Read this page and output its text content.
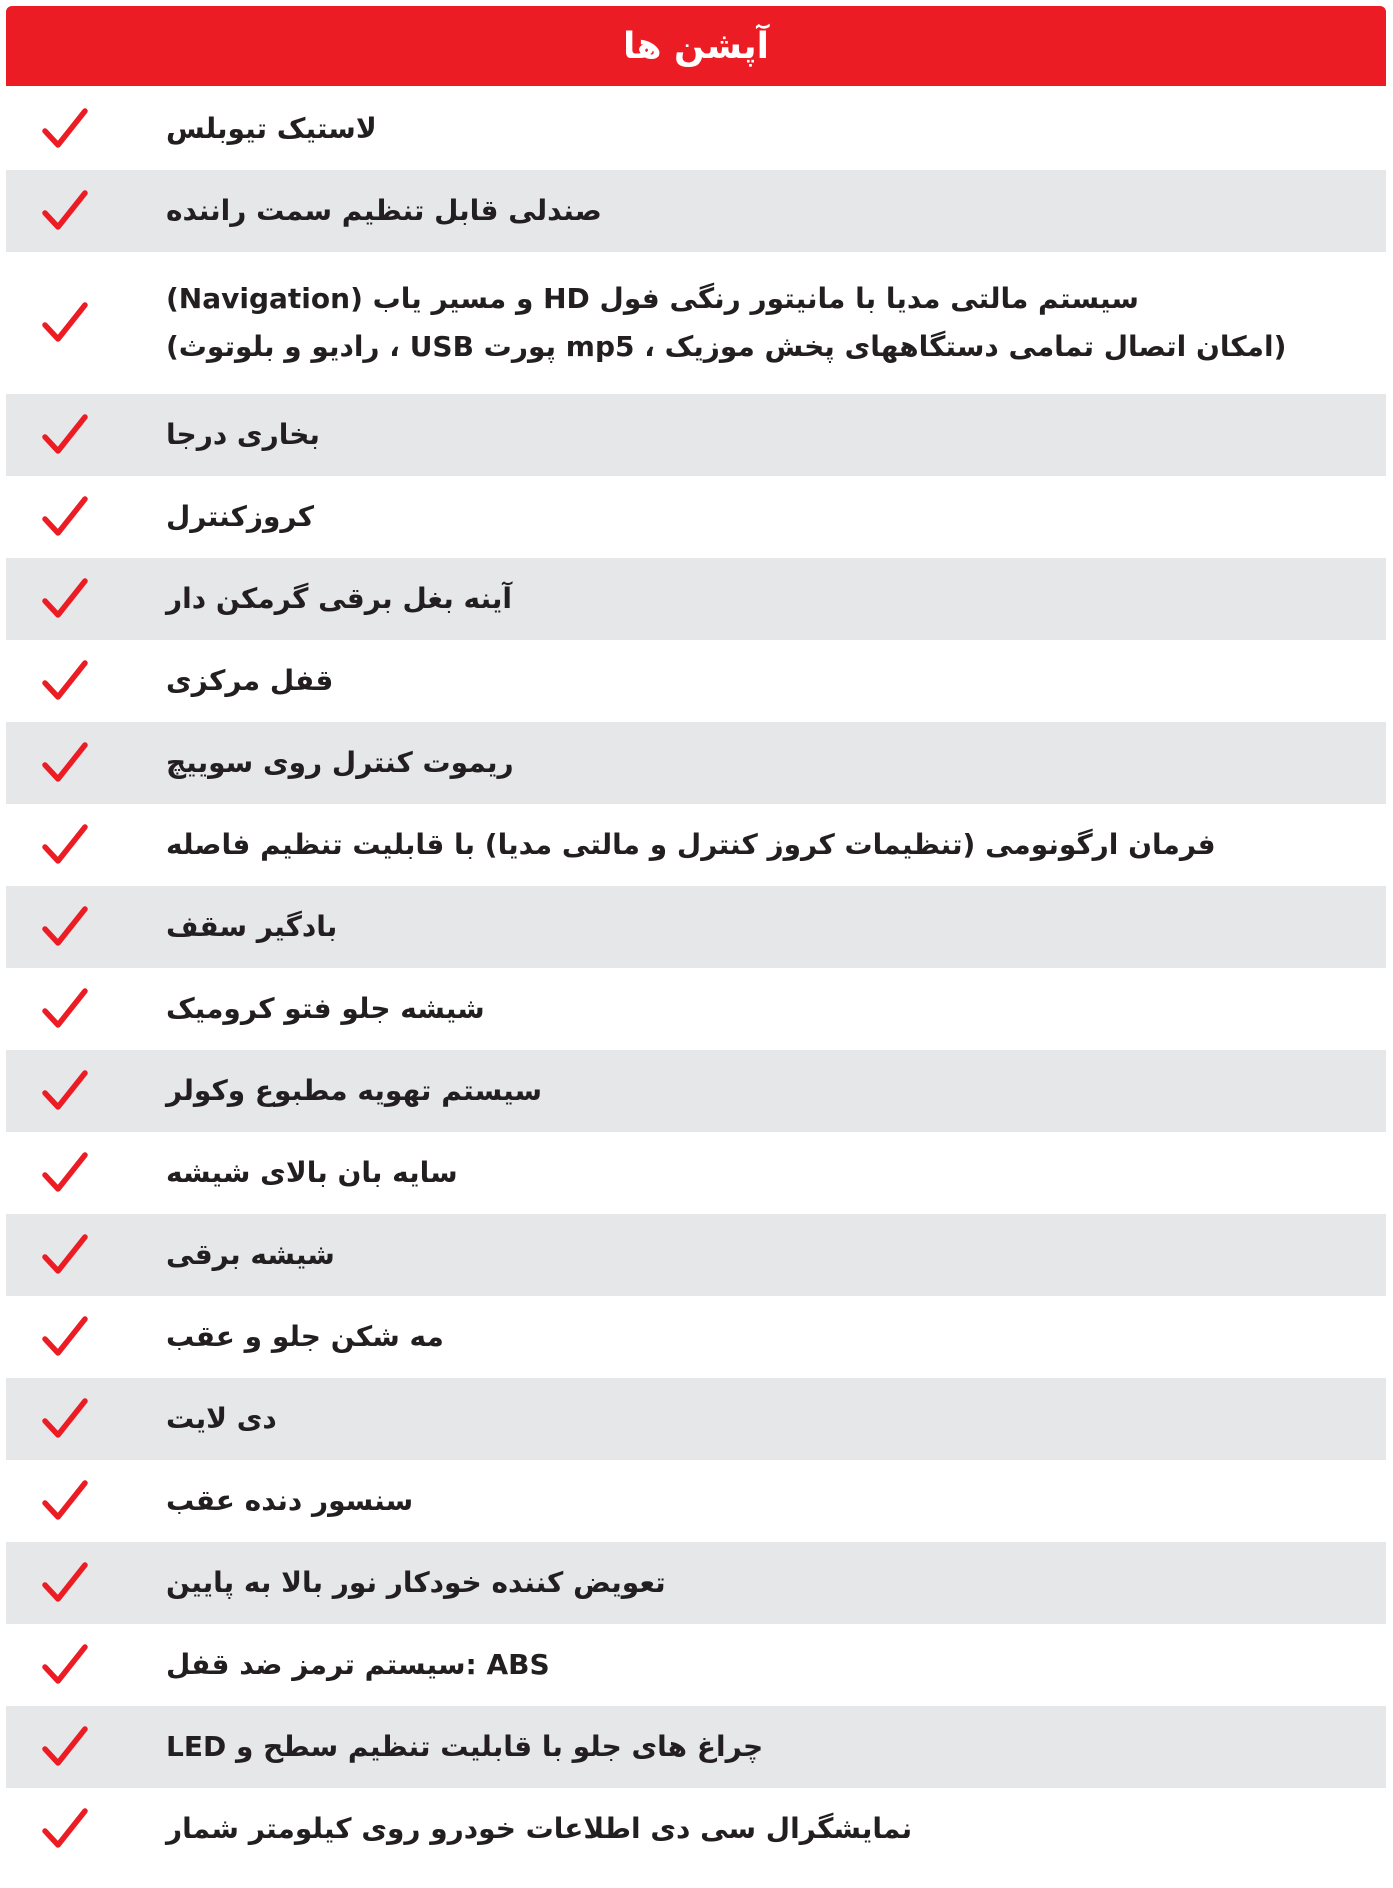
آپشن ها
لاستیک تیوبلس
صندلی قابل تنظیم سمت راننده
سیستم مالتی مدیا با مانیتور رنگی فول HD و مسیر یاب (Navigation)
(امکان اتصال تمامی دستگاههای پخش موزیک ، mp5 پورت USB ، رادیو و بلوتوث)
بخاری درجا
کروزکنترل
آینه بغل برقی گرمکن دار
قفل مرکزی
ریموت کنترل روی سوییچ
فرمان ارگونومی (تنظیمات کروز کنترل و مالتی مدیا) با قابلیت تنظیم فاصله
بادگیر سقف
شیشه جلو فتو کرومیک
سیستم تهویه مطبوع وکولر
سایه بان بالای شیشه
شیشه برقی
مه شکن جلو و عقب
دی لایت
سنسور دنده عقب
تعویض کننده خودکار نور بالا به پایین
ABS :سیستم ترمز ضد قفل
چراغ های جلو با قابلیت تنظیم سطح و LED
نمایشگرال سی دی اطلاعات خودرو روی کیلومتر شمار
